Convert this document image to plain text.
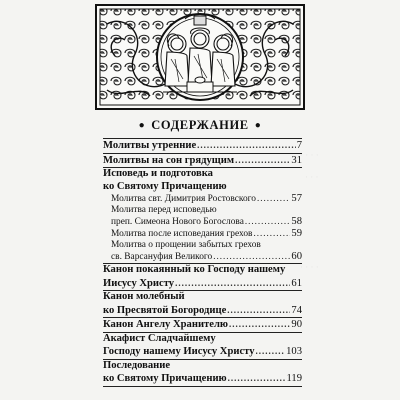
· · · ·
· · ·
· · · ·
● СОДЕРЖАНИЕ ●
Молитвы утренние .....	7
Молитвы на сон грядущим .....	31
Исповедь и подготовка
ко Святому Причащению
Молитва свт. Димитрия Ростовского .....	57
Молитва перед исповедью
преп. Симеона Нового Богослова .....	58
Молитва после исповедания грехов .....	59
Молитва о прощении забытых грехов
св. Варсануфия Великого .....	60
Канон покаянный ко Господу нашему
Иисусу Христу .....	61
Канон молебный
ко Пресвятой Богородице .....	74
Канон Ангелу Хранителю .....	90
Акафист Сладчайшему
Господу нашему Иисусу Христу .....	103
Последование
ко Святому Причащению .....	119
